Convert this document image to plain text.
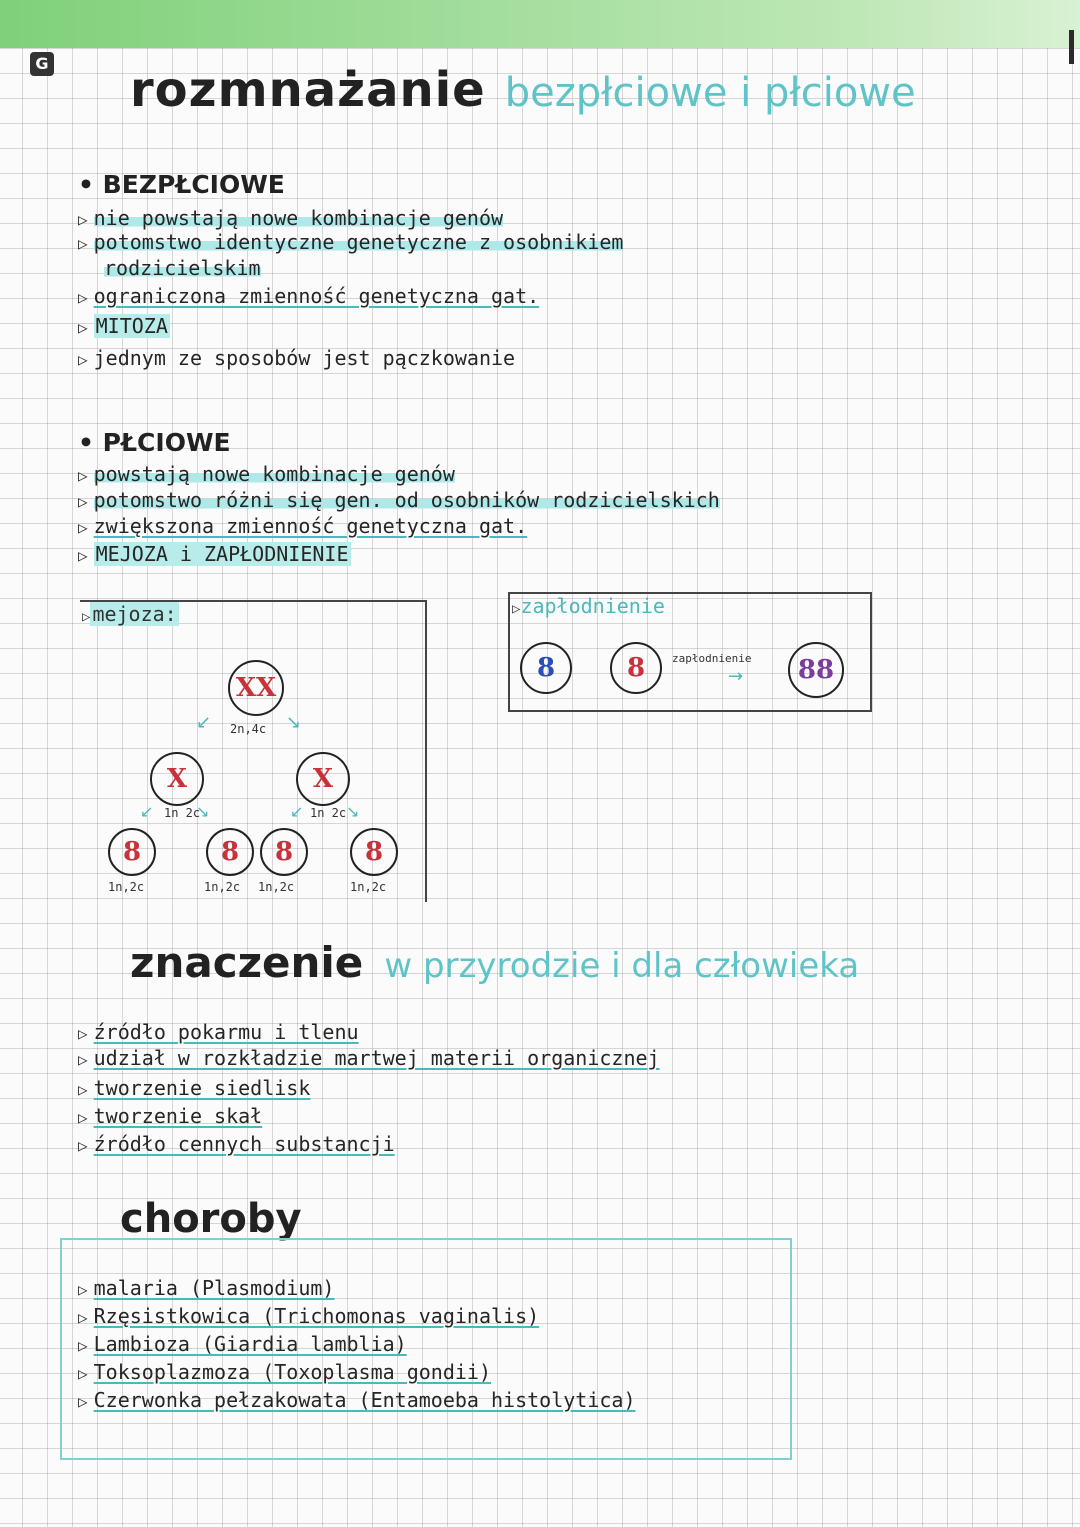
G rozmnażanie bezpłciowe i płciowe
• BEZPŁCIOWE
▷ nie powstają nowe kombinacje genów
▷ potomstwo identyczne genetyczne z osobnikiem
rodzicielskim
▷ ograniczona zmienność genetyczna gat.
▷ MITOZA
▷ jednym ze sposobów jest pączkowanie
• PŁCIOWE
▷ powstają nowe kombinacje genów
▷ potomstwo różni się gen. od osobników rodzicielskich
▷ zwiększona zmienność genetyczna gat.
▷ MEJOZA i ZAPŁODNIENIE
▷ mejoza:
XX
2n,4c
↙	↘
X	X
1n 2c	1n 2c
↙	↘	↙	↘
8	8 8	8
1n,2c	1n,2c 1n,2c	1n,2c
▷zapłodnienie
8	8 zapłodnienie
→ 88
znaczenie w przyrodzie i dla człowieka
▷ źródło pokarmu i tlenu
▷ udział w rozkładzie martwej materii organicznej
▷ tworzenie siedlisk
▷ tworzenie skał
▷ źródło cennych substancji
choroby
▷ malaria (Plasmodium)
▷ Rzęsistkowica (Trichomonas vaginalis)
▷ Lambioza (Giardia lamblia)
▷ Toksoplazmoza (Toxoplasma gondii)
▷ Czerwonka pełzakowata (Entamoeba histolytica)
